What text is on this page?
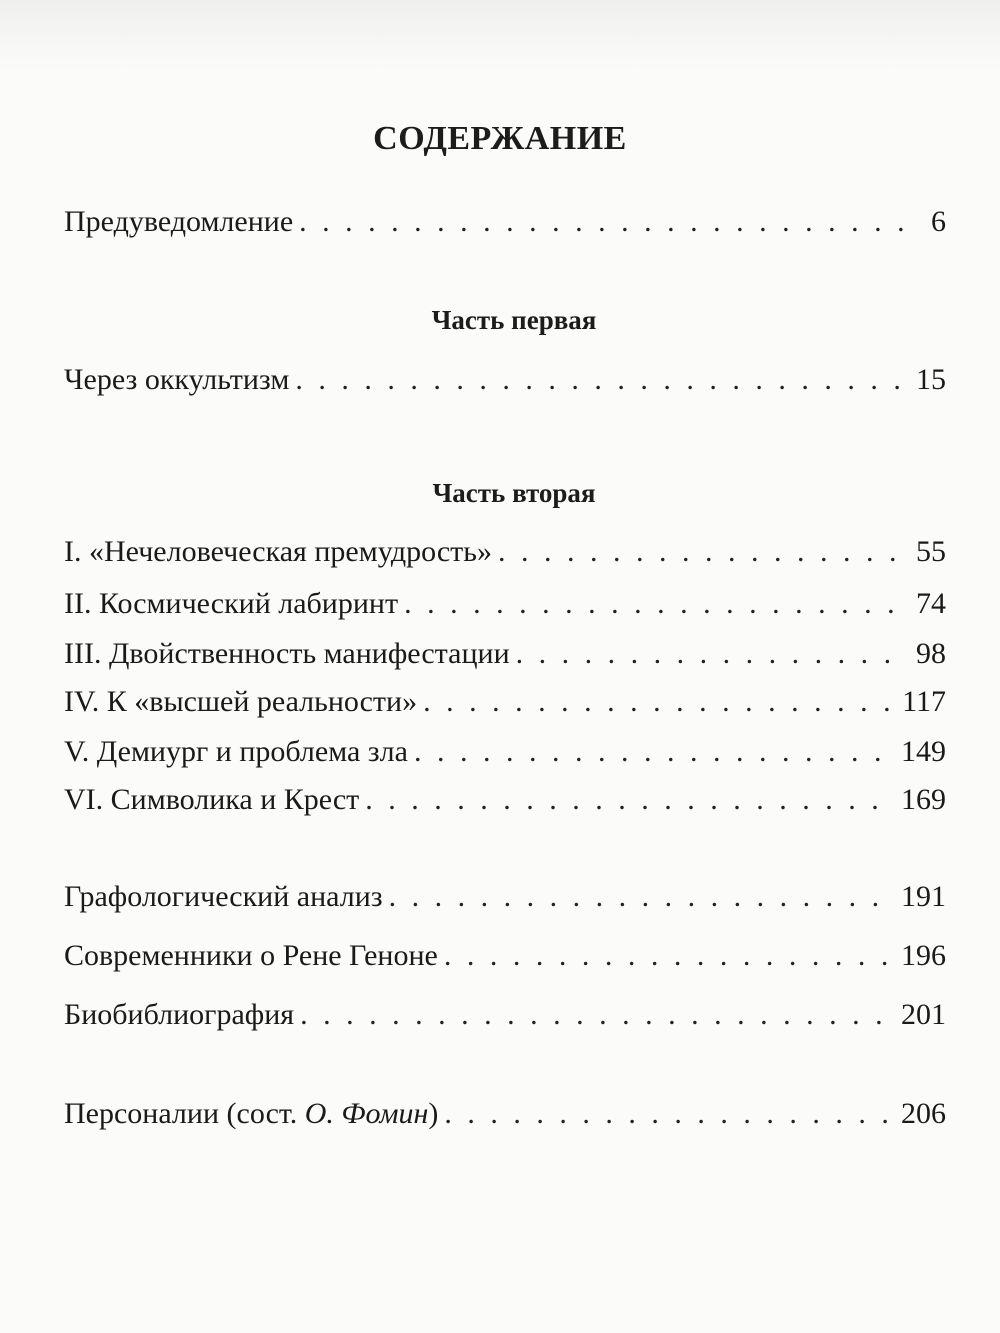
СОДЕРЖАНИЕ
Предуведомление . . .	6
Часть первая
Через оккультизм . . .	15
Часть вторая
I. «Нечеловеческая премудрость» . . .	55
II. Космический лабиринт . . .	74
III. Двойственность манифестации . . .	98
IV. К «высшей реальности» . . .	117
V. Демиург и проблема зла . . .	149
VI. Символика и Крест . . .	169
Графологический анализ . . .	191
Современники о Рене Геноне . . .	196
Биобиблиография . . .	201
Персоналии (сост. О. Фомин) . . .	206
